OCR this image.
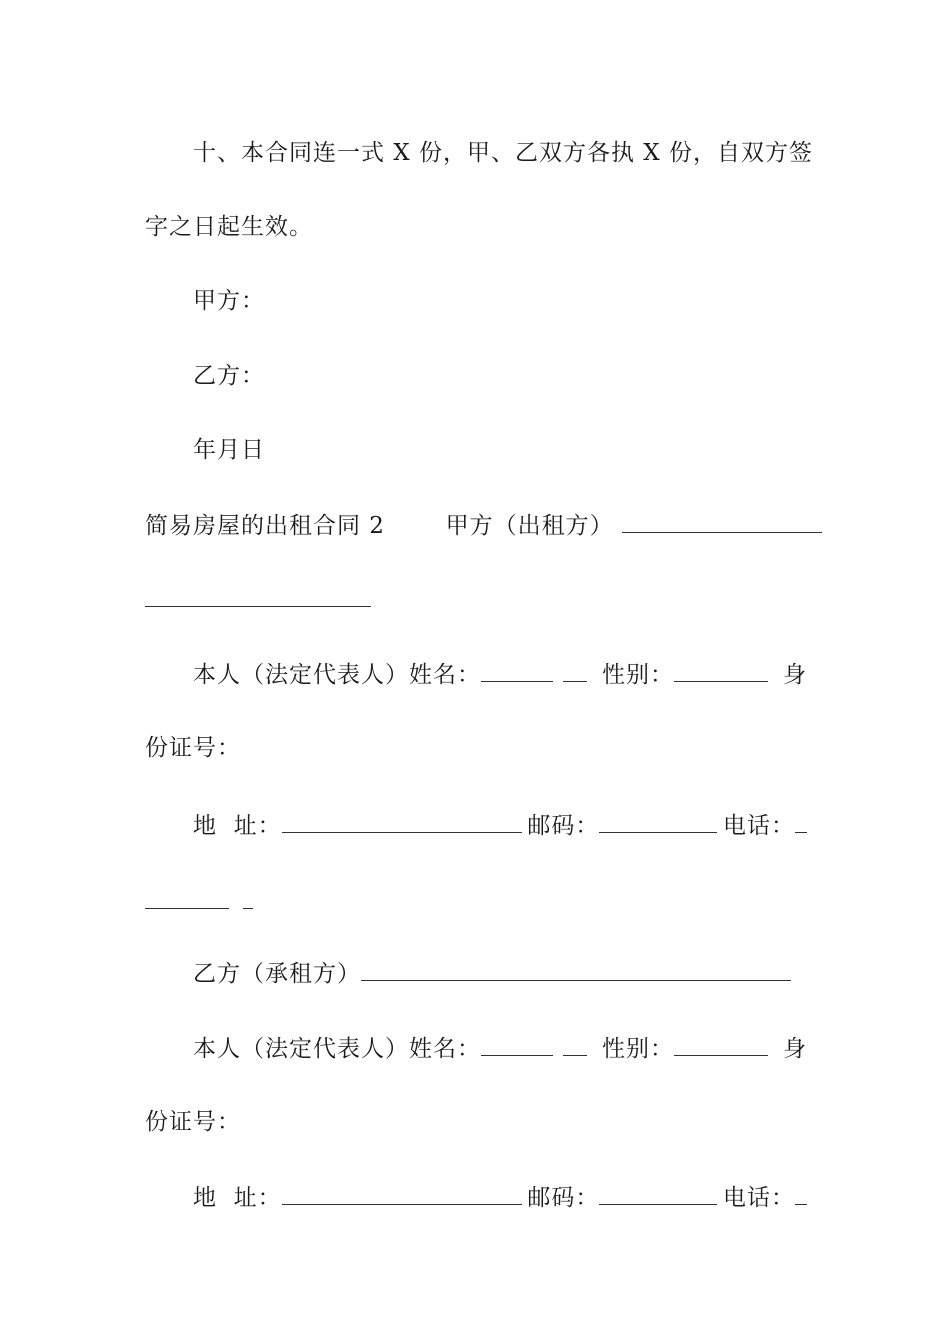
十、本合同连一式 X 份，甲、乙双方各执 X 份，自双方签
字之日起生效。
甲方：
乙方：
年月日
简易房屋的出租合同 2	甲方（出租方）
本人（法定代表人）姓名：	性别：	身
份证号：
地  址：	邮码：	电话：
乙方（承租方）
本人（法定代表人）姓名：	性别：	身
份证号：
地  址：	邮码：	电话：
